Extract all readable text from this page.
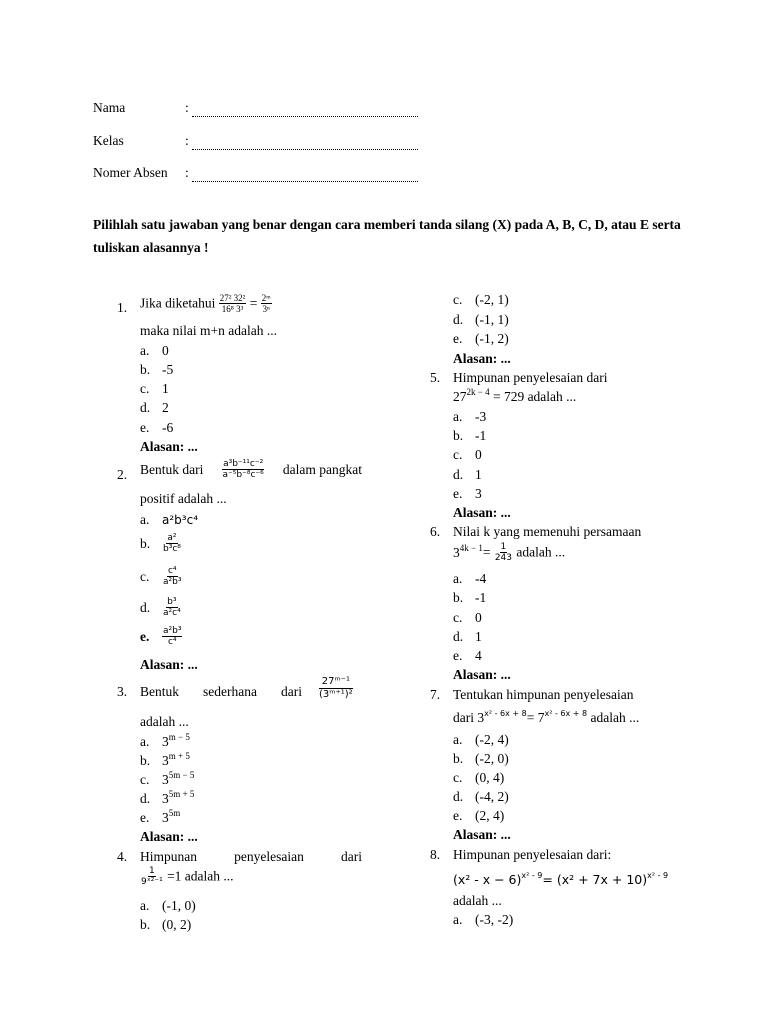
Nama	:
Kelas	:
Nomer Absen :
Pilihlah satu jawaban yang benar dengan cara memberi tanda silang (X) pada A, B, C, D, atau E serta tuliskan alasannya !
1. Jika diketahui $\frac{\text{27² 32²}}{\text{16⁸ 3³}} = \frac{\text{2ᵐ}}{\text{3ⁿ}}$
maka nilai m+n adalah ...
a. 0
b. -5
c. 1
d. 2
e. -6
Alasan: ...
2. Bentuk dari $\frac{\text{a³b⁻¹¹c⁻²}}{\text{a⁻⁵b⁻⁸c⁻⁶}}$ dalam pangkat
positif adalah ...
a. a²b³c⁴
b. $\frac{\text{a²}}{\text{b³c⁸}}$
c. $\frac{\text{c⁴}}{\text{a²b³}}$
d. $\frac{\text{b³}}{\text{a²c⁴}}$
e. $\frac{\text{a²b³}}{\text{c⁴}}$
Alasan: ...
3. Bentuk sederhana dari $\frac{\text{27ᵐ⁻¹}}{\text{(3ᵐ⁺¹)²}}$
adalah ...
a. $3^{m - 5}$
b. $3^{m + 5}$
c. $3^{5m - 5}$
d. $3^{5m + 5}$
e. $3^{5m}$
Alasan: ...
4. Himpunan	penyelesaian	dari
$\frac{1}{\text{9ˣ²⁻¹}} =1$ adalah ...
a. (-1, 0)
b. (0, 2)
c. (-2, 1)
d. (-1, 1)
e. (-1, 2)
Alasan: ...
5. Himpunan penyelesaian dari
$27^{2k - 4} = 729$ adalah ...
a. -3
b. -1
c. 0
d. 1
e. 3
Alasan: ...
6. Nilai k yang memenuhi persamaan
$3^{4k - 1}= \frac{1}{243}$ adalah ...
a. -4
b. -1
c. 0
d. 1
e. 4
Alasan: ...
7. Tentukan himpunan penyelesaian
dari $3^{x^2 - 6x + 8}= 7^{x^2 - 6x + 8}$ adalah ...
a. (-2, 4)
b. (-2, 0)
c. (0, 4)
d. (-4, 2)
e. (2, 4)
Alasan: ...
8. Himpunan penyelesaian dari:
$(x^2 - x - 6)^{x^2 - 9}= (x^2 + 7x + 10)^{x^2 - 9}$
adalah ...
a. (-3, -2)
